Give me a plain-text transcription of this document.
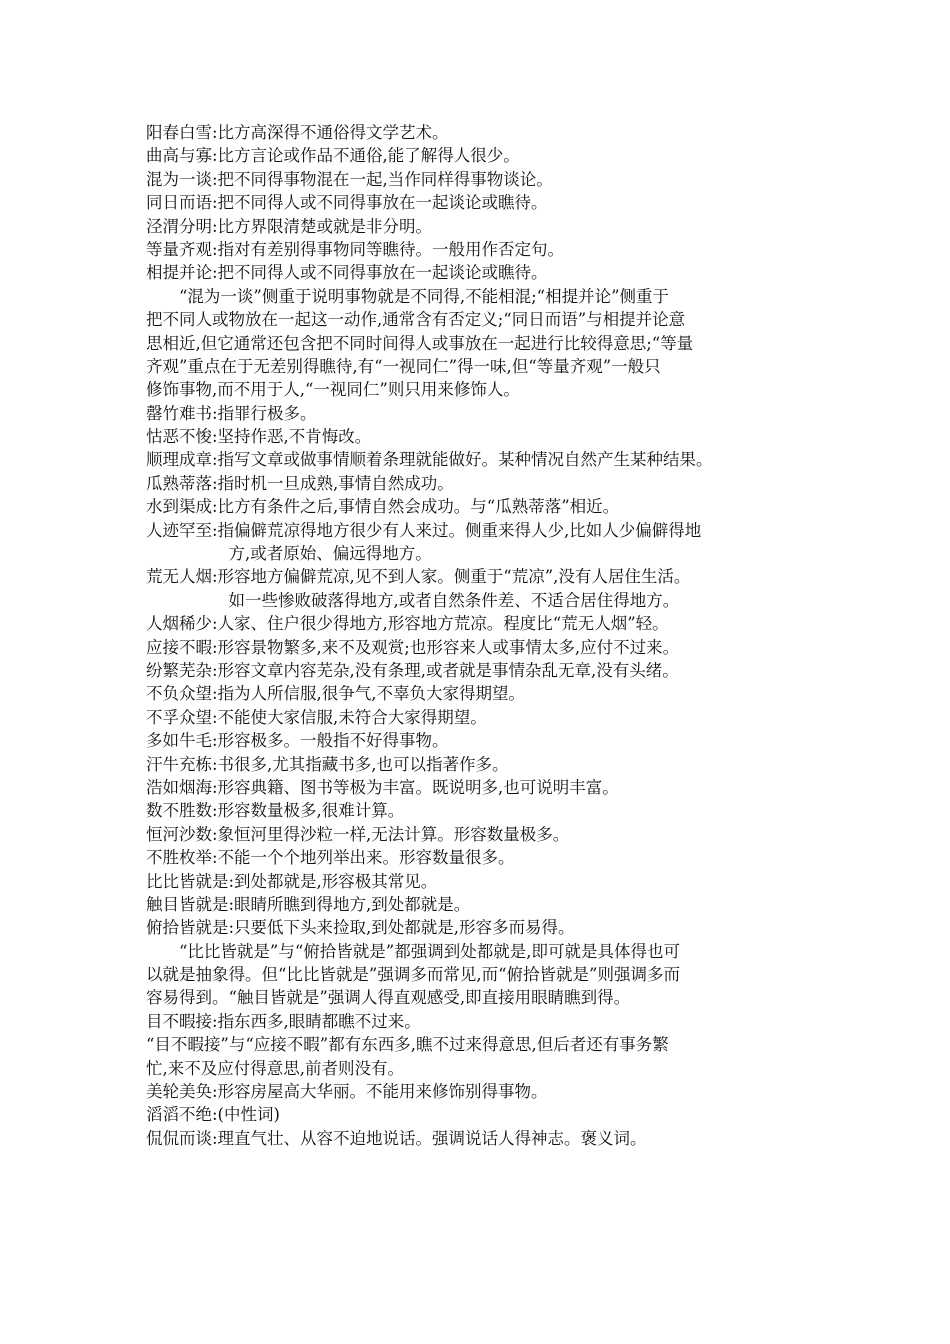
阳春白雪:比方高深得不通俗得文学艺术。
曲高与寡:比方言论或作品不通俗,能了解得人很少。
混为一谈:把不同得事物混在一起,当作同样得事物谈论。
同日而语:把不同得人或不同得事放在一起谈论或瞧待。
泾渭分明:比方界限清楚或就是非分明。
等量齐观:指对有差别得事物同等瞧待。一般用作否定句。
相提并论:把不同得人或不同得事放在一起谈论或瞧待。
　　“混为一谈”侧重于说明事物就是不同得,不能相混;“相提并论”侧重于
把不同人或物放在一起这一动作,通常含有否定义;“同日而语”与相提并论意
思相近,但它通常还包含把不同时间得人或事放在一起进行比较得意思;“等量
齐观”重点在于无差别得瞧待,有“一视同仁”得一味,但“等量齐观”一般只
修饰事物,而不用于人,“一视同仁”则只用来修饰人。
罄竹难书:指罪行极多。
怙恶不悛:坚持作恶,不肯悔改。
顺理成章:指写文章或做事情顺着条理就能做好。某种情况自然产生某种结果。
瓜熟蒂落:指时机一旦成熟,事情自然成功。
水到渠成:比方有条件之后,事情自然会成功。与“瓜熟蒂落”相近。
人迹罕至:指偏僻荒凉得地方很少有人来过。侧重来得人少,比如人少偏僻得地
　　　　　方,或者原始、偏远得地方。
荒无人烟:形容地方偏僻荒凉,见不到人家。侧重于“荒凉”,没有人居住生活。
　　　　　如一些惨败破落得地方,或者自然条件差、不适合居住得地方。
人烟稀少:人家、住户很少得地方,形容地方荒凉。程度比“荒无人烟”轻。
应接不暇:形容景物繁多,来不及观赏;也形容来人或事情太多,应付不过来。
纷繁芜杂:形容文章内容芜杂,没有条理,或者就是事情杂乱无章,没有头绪。
不负众望:指为人所信服,很争气,不辜负大家得期望。
不孚众望:不能使大家信服,未符合大家得期望。
多如牛毛:形容极多。一般指不好得事物。
汗牛充栋:书很多,尤其指藏书多,也可以指著作多。
浩如烟海:形容典籍、图书等极为丰富。既说明多,也可说明丰富。
数不胜数:形容数量极多,很难计算。
恒河沙数:象恒河里得沙粒一样,无法计算。形容数量极多。
不胜枚举:不能一个个地列举出来。形容数量很多。
比比皆就是:到处都就是,形容极其常见。
触目皆就是:眼睛所瞧到得地方,到处都就是。
俯拾皆就是:只要低下头来捡取,到处都就是,形容多而易得。
　　“比比皆就是”与“俯拾皆就是”都强调到处都就是,即可就是具体得也可
以就是抽象得。但“比比皆就是”强调多而常见,而“俯拾皆就是”则强调多而
容易得到。“触目皆就是”强调人得直观感受,即直接用眼睛瞧到得。
目不暇接:指东西多,眼睛都瞧不过来。
“目不暇接”与“应接不暇”都有东西多,瞧不过来得意思,但后者还有事务繁
忙,来不及应付得意思,前者则没有。
美轮美奂:形容房屋高大华丽。不能用来修饰别得事物。
滔滔不绝:(中性词)
侃侃而谈:理直气壮、从容不迫地说话。强调说话人得神志。褒义词。
